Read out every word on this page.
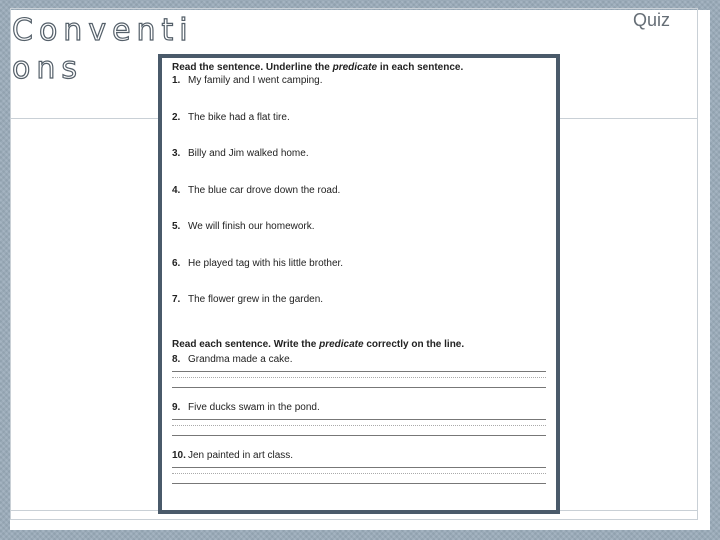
Conventions
Quiz

Read the sentence. Underline the predicate in each sentence.

1. My family and I went camping.
2. The bike had a flat tire.
3. Billy and Jim walked home.
4. The blue car drove down the road.
5. We will finish our homework.
6. He played tag with his little brother.
7. The flower grew in the garden.

Read each sentence. Write the predicate correctly on the line.

8. Grandma made a cake.
9. Five ducks swam in the pond.
10. Jen painted in art class.
